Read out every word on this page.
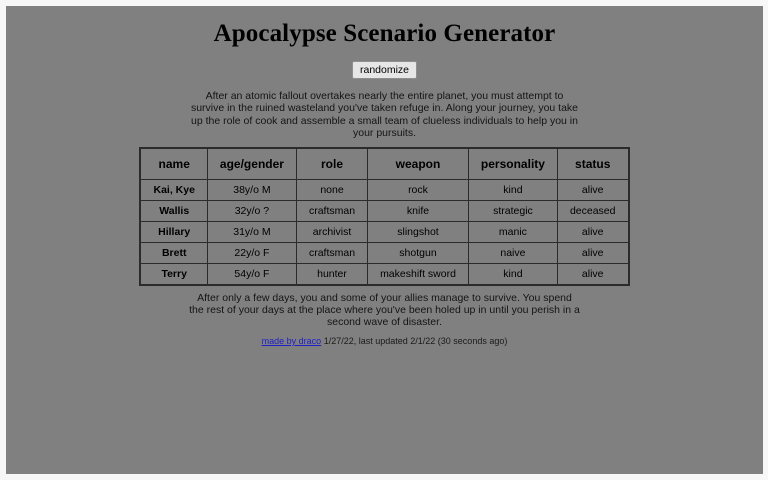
Apocalypse Scenario Generator
randomize

After an atomic fallout overtakes nearly the entire planet, you must attempt to survive in the ruined wasteland you've taken refuge in. Along your journey, you take up the role of cook and assemble a small team of clueless individuals to help you in your pursuits.

name	age/gender	role	weapon	personality	status
Kai, Kye	38y/o M	none	rock	kind	alive
Wallis	32y/o ?	craftsman	knife	strategic	deceased
Hillary	31y/o M	archivist	slingshot	manic	alive
Brett	22y/o F	craftsman	shotgun	naive	alive
Terry	54y/o F	hunter	makeshift sword	kind	alive

After only a few days, you and some of your allies manage to survive. You spend the rest of your days at the place where you've been holed up in until you perish in a second wave of disaster.

made by draco 1/27/22, last updated 2/1/22 (30 seconds ago)
